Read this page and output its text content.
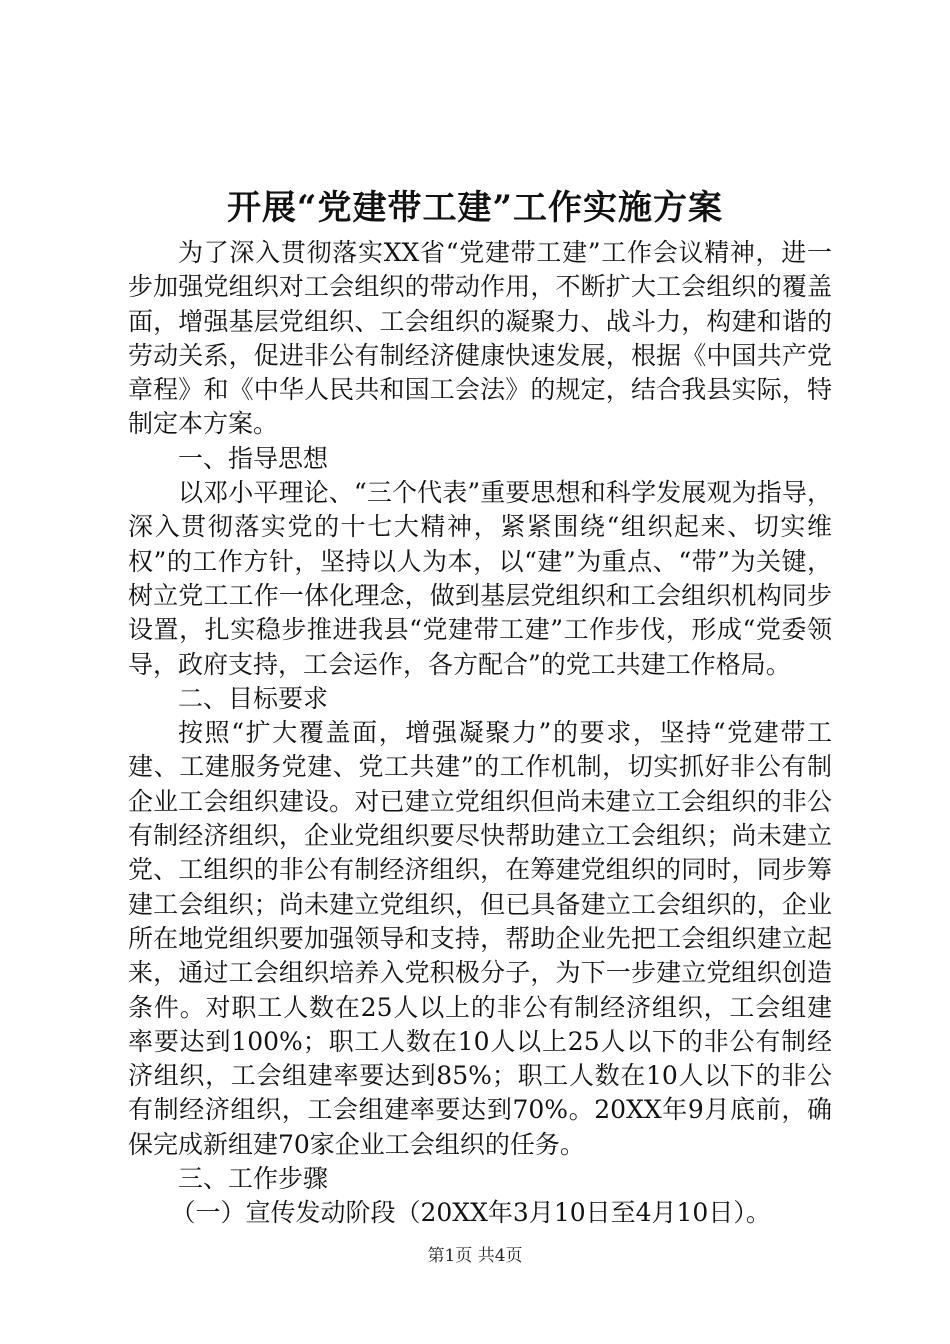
开展“党建带工建”工作实施方案

为了深入贯彻落实XX省“党建带工建”工作会议精神，进一步加强党组织对工会组织的带动作用，不断扩大工会组织的覆盖面，增强基层党组织、工会组织的凝聚力、战斗力，构建和谐的劳动关系，促进非公有制经济健康快速发展，根据《中国共产党章程》和《中华人民共和国工会法》的规定，结合我县实际，特制定本方案。

一、指导思想

以邓小平理论、“三个代表”重要思想和科学发展观为指导，深入贯彻落实党的十七大精神，紧紧围绕“组织起来、切实维权”的工作方针，坚持以人为本，以“建”为重点、“带”为关键，树立党工工作一体化理念，做到基层党组织和工会组织机构同步设置，扎实稳步推进我县“党建带工建”工作步伐，形成“党委领导，政府支持，工会运作，各方配合”的党工共建工作格局。

二、目标要求

按照“扩大覆盖面，增强凝聚力”的要求，坚持“党建带工建、工建服务党建、党工共建”的工作机制，切实抓好非公有制企业工会组织建设。对已建立党组织但尚未建立工会组织的非公有制经济组织，企业党组织要尽快帮助建立工会组织；尚未建立党、工组织的非公有制经济组织，在筹建党组织的同时，同步筹建工会组织；尚未建立党组织，但已具备建立工会组织的，企业所在地党组织要加强领导和支持，帮助企业先把工会组织建立起来，通过工会组织培养入党积极分子，为下一步建立党组织创造条件。对职工人数在25人以上的非公有制经济组织，工会组建率要达到100%；职工人数在10人以上25人以下的非公有制经济组织，工会组建率要达到85%；职工人数在10人以下的非公有制经济组织，工会组建率要达到70%。20XX年9月底前，确保完成新组建70家企业工会组织的任务。

三、工作步骤

（一）宣传发动阶段（20XX年3月10日至4月10日）。

第1页 共4页
